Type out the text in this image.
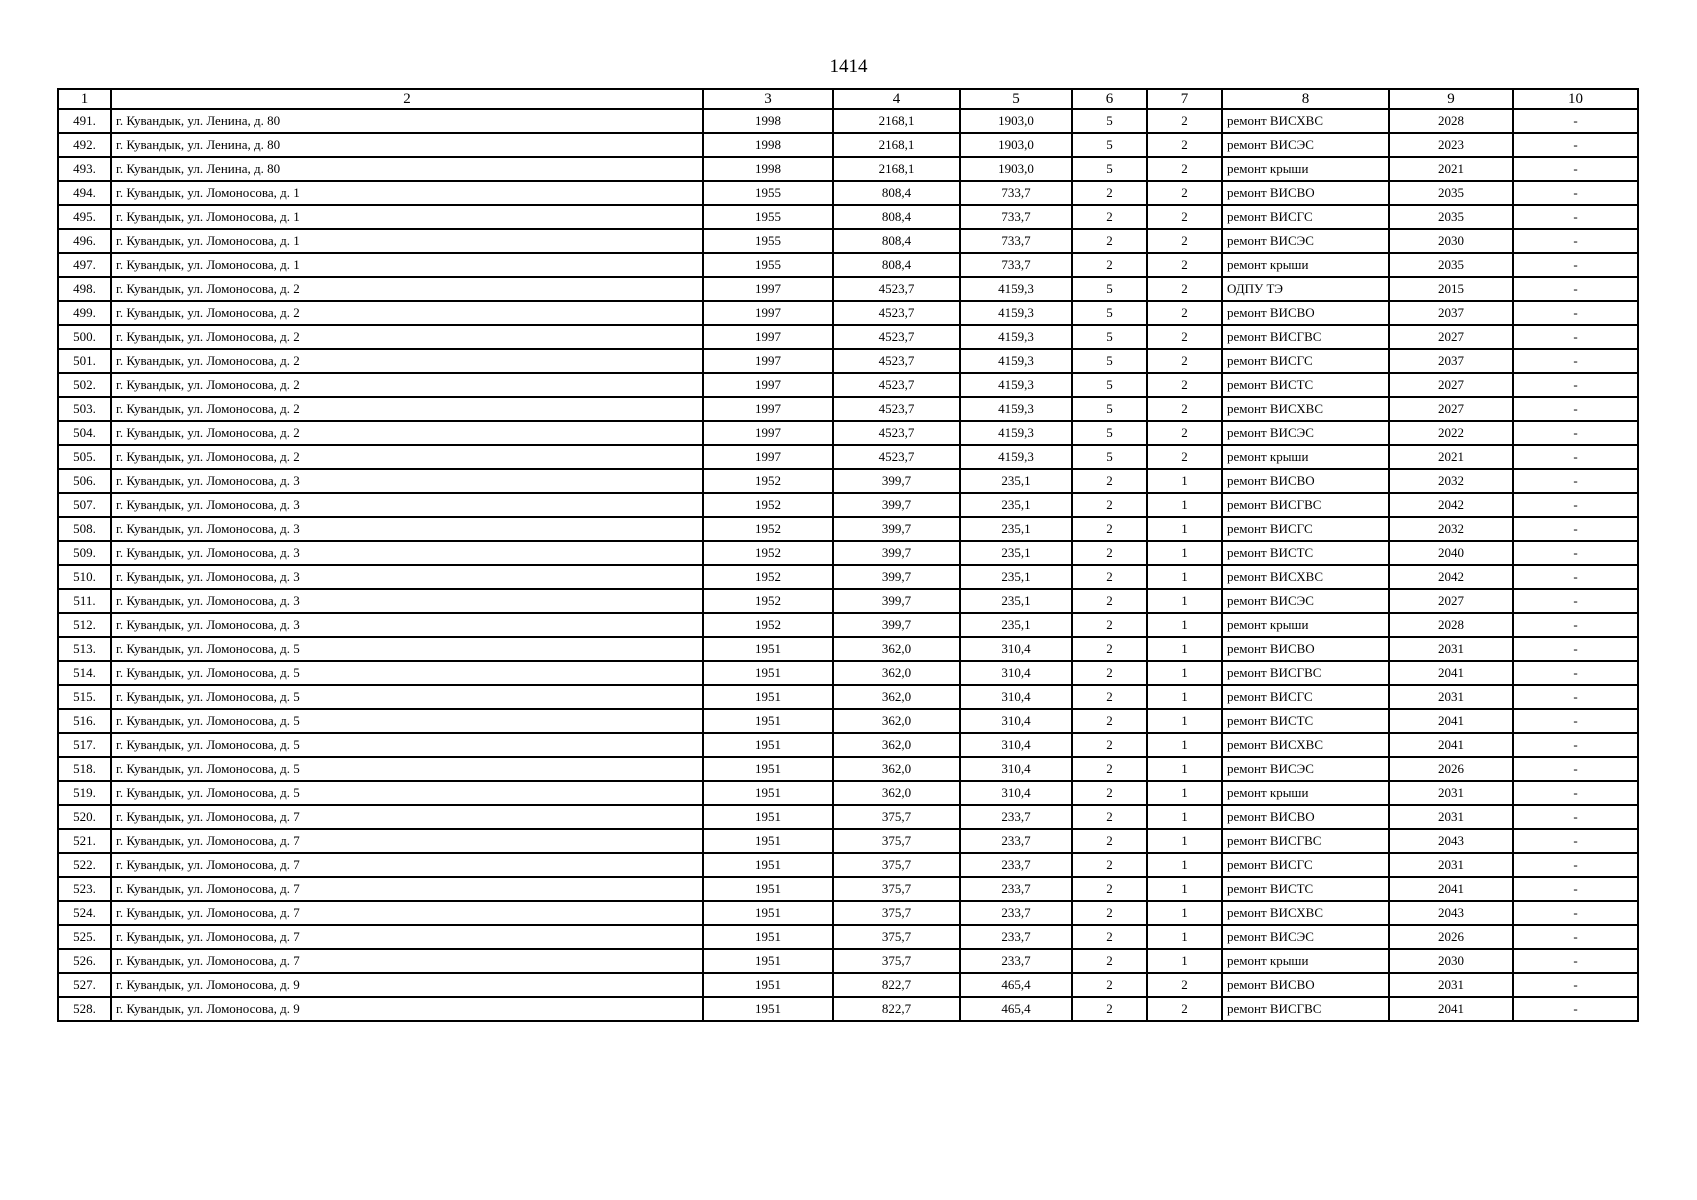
1414
1	2	3	4	5	6	7	8	9	10
491.	г. Кувандык, ул. Ленина, д. 80	1998	2168,1	1903,0	5	2	ремонт ВИСХВС	2028	-
492.	г. Кувандык, ул. Ленина, д. 80	1998	2168,1	1903,0	5	2	ремонт ВИСЭС	2023	-
493.	г. Кувандык, ул. Ленина, д. 80	1998	2168,1	1903,0	5	2	ремонт крыши	2021	-
494.	г. Кувандык, ул. Ломоносова, д. 1	1955	808,4	733,7	2	2	ремонт ВИСВО	2035	-
495.	г. Кувандык, ул. Ломоносова, д. 1	1955	808,4	733,7	2	2	ремонт ВИСГС	2035	-
496.	г. Кувандык, ул. Ломоносова, д. 1	1955	808,4	733,7	2	2	ремонт ВИСЭС	2030	-
497.	г. Кувандык, ул. Ломоносова, д. 1	1955	808,4	733,7	2	2	ремонт крыши	2035	-
498.	г. Кувандык, ул. Ломоносова, д. 2	1997	4523,7	4159,3	5	2	ОДПУ ТЭ	2015	-
499.	г. Кувандык, ул. Ломоносова, д. 2	1997	4523,7	4159,3	5	2	ремонт ВИСВО	2037	-
500.	г. Кувандык, ул. Ломоносова, д. 2	1997	4523,7	4159,3	5	2	ремонт ВИСГВС	2027	-
501.	г. Кувандык, ул. Ломоносова, д. 2	1997	4523,7	4159,3	5	2	ремонт ВИСГС	2037	-
502.	г. Кувандык, ул. Ломоносова, д. 2	1997	4523,7	4159,3	5	2	ремонт ВИСТС	2027	-
503.	г. Кувандык, ул. Ломоносова, д. 2	1997	4523,7	4159,3	5	2	ремонт ВИСХВС	2027	-
504.	г. Кувандык, ул. Ломоносова, д. 2	1997	4523,7	4159,3	5	2	ремонт ВИСЭС	2022	-
505.	г. Кувандык, ул. Ломоносова, д. 2	1997	4523,7	4159,3	5	2	ремонт крыши	2021	-
506.	г. Кувандык, ул. Ломоносова, д. 3	1952	399,7	235,1	2	1	ремонт ВИСВО	2032	-
507.	г. Кувандык, ул. Ломоносова, д. 3	1952	399,7	235,1	2	1	ремонт ВИСГВС	2042	-
508.	г. Кувандык, ул. Ломоносова, д. 3	1952	399,7	235,1	2	1	ремонт ВИСГС	2032	-
509.	г. Кувандык, ул. Ломоносова, д. 3	1952	399,7	235,1	2	1	ремонт ВИСТС	2040	-
510.	г. Кувандык, ул. Ломоносова, д. 3	1952	399,7	235,1	2	1	ремонт ВИСХВС	2042	-
511.	г. Кувандык, ул. Ломоносова, д. 3	1952	399,7	235,1	2	1	ремонт ВИСЭС	2027	-
512.	г. Кувандык, ул. Ломоносова, д. 3	1952	399,7	235,1	2	1	ремонт крыши	2028	-
513.	г. Кувандык, ул. Ломоносова, д. 5	1951	362,0	310,4	2	1	ремонт ВИСВО	2031	-
514.	г. Кувандык, ул. Ломоносова, д. 5	1951	362,0	310,4	2	1	ремонт ВИСГВС	2041	-
515.	г. Кувандык, ул. Ломоносова, д. 5	1951	362,0	310,4	2	1	ремонт ВИСГС	2031	-
516.	г. Кувандык, ул. Ломоносова, д. 5	1951	362,0	310,4	2	1	ремонт ВИСТС	2041	-
517.	г. Кувандык, ул. Ломоносова, д. 5	1951	362,0	310,4	2	1	ремонт ВИСХВС	2041	-
518.	г. Кувандык, ул. Ломоносова, д. 5	1951	362,0	310,4	2	1	ремонт ВИСЭС	2026	-
519.	г. Кувандык, ул. Ломоносова, д. 5	1951	362,0	310,4	2	1	ремонт крыши	2031	-
520.	г. Кувандык, ул. Ломоносова, д. 7	1951	375,7	233,7	2	1	ремонт ВИСВО	2031	-
521.	г. Кувандык, ул. Ломоносова, д. 7	1951	375,7	233,7	2	1	ремонт ВИСГВС	2043	-
522.	г. Кувандык, ул. Ломоносова, д. 7	1951	375,7	233,7	2	1	ремонт ВИСГС	2031	-
523.	г. Кувандык, ул. Ломоносова, д. 7	1951	375,7	233,7	2	1	ремонт ВИСТС	2041	-
524.	г. Кувандык, ул. Ломоносова, д. 7	1951	375,7	233,7	2	1	ремонт ВИСХВС	2043	-
525.	г. Кувандык, ул. Ломоносова, д. 7	1951	375,7	233,7	2	1	ремонт ВИСЭС	2026	-
526.	г. Кувандык, ул. Ломоносова, д. 7	1951	375,7	233,7	2	1	ремонт крыши	2030	-
527.	г. Кувандык, ул. Ломоносова, д. 9	1951	822,7	465,4	2	2	ремонт ВИСВО	2031	-
528.	г. Кувандык, ул. Ломоносова, д. 9	1951	822,7	465,4	2	2	ремонт ВИСГВС	2041	-
